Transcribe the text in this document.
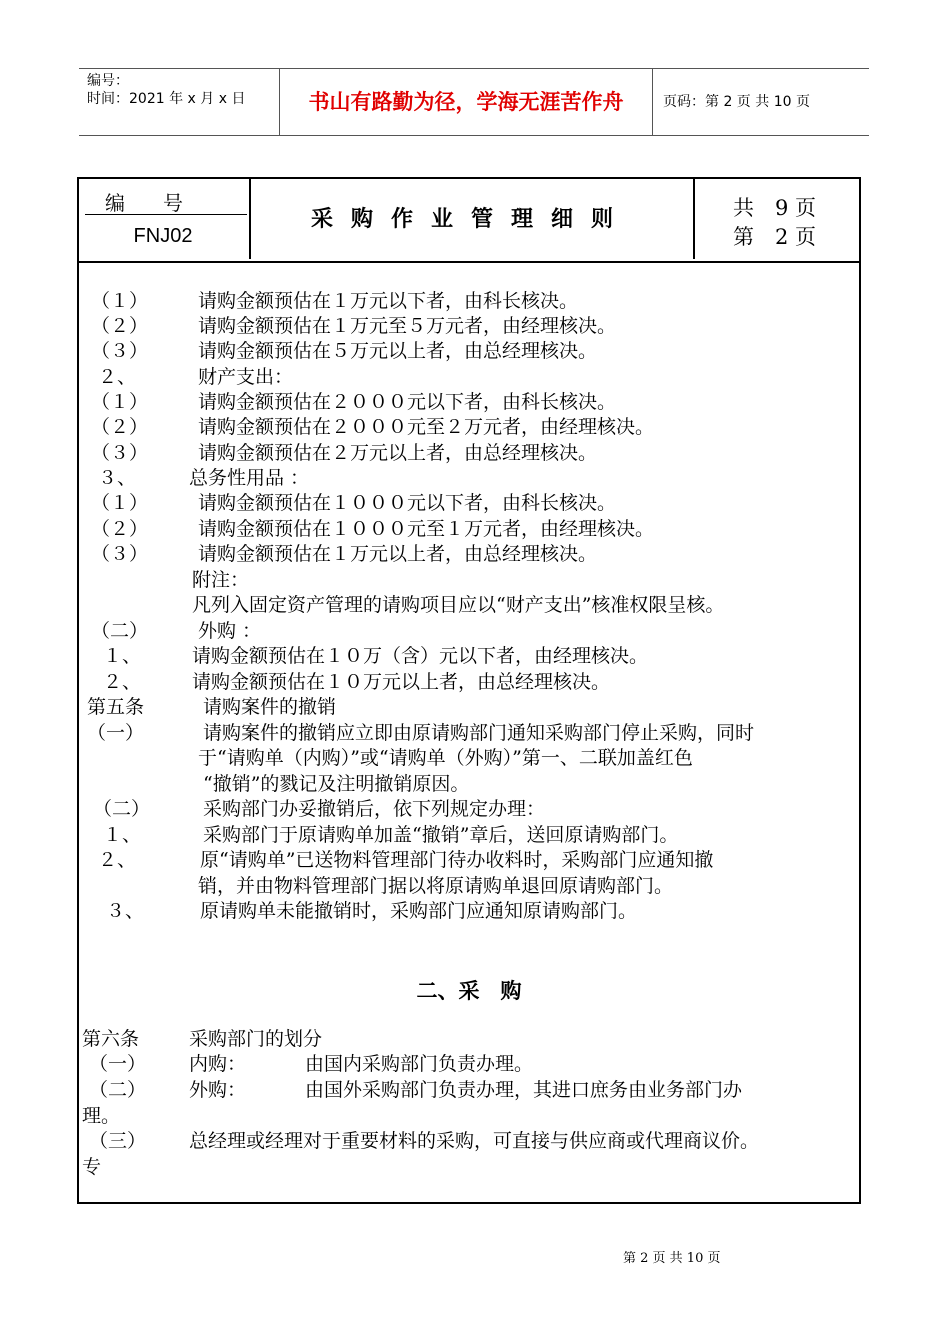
编号：
时间：2021 年 x 月 x 日	书山有路勤为径，学海无涯苦作舟	页码：第 2 页 共 10 页
编号
FNJ02
采购作业管理细则	共　9 页
第　2 页
（１）	请购金额预估在１万元以下者，由科长核决。
（２）	请购金额预估在１万元至５万元者，由经理核决。
（３）	请购金额预估在５万元以上者，由总经理核决。
２、	财产支出：
（１）	请购金额预估在２０００元以下者，由科长核决。
（２）	请购金额预估在２０００元至２万元者，由经理核决。
（３）	请购金额预估在２万元以上者，由总经理核决。
３、	总务性用品 ：
（１）	请购金额预估在１０００元以下者，由科长核决。
（２）	请购金额预估在１０００元至１万元者，由经理核决。
（３）	请购金额预估在１万元以上者，由总经理核决。
附注：
凡列入固定资产管理的请购项目应以“财产支出”核准权限呈核。
（二）	外购 ：
１、	请购金额预估在１０万（含）元以下者，由经理核决。
２、	请购金额预估在１０万元以上者，由总经理核决。
第五条	请购案件的撤销
（一）	请购案件的撤销应立即由原请购部门通知采购部门停止采购，同时
于“请购单（内购）”或“请购单（外购）”第一、二联加盖红色
“撤销”的戮记及注明撤销原因。
（二）	采购部门办妥撤销后，依下列规定办理：
１、	采购部门于原请购单加盖“撤销”章后，送回原请购部门。
２、	原“请购单”已送物料管理部门待办收料时，采购部门应通知撤
销，并由物料管理部门据以将原请购单退回原请购部门。
３、	原请购单未能撤销时，采购部门应通知原请购部门。
二、采　购
第六条	采购部门的划分
（一） 内购：	由国内采购部门负责办理。
（二） 外购：	由国外采购部门负责办理，其进口庶务由业务部门办
理。
（三） 总经理或经理对于重要材料的采购，可直接与供应商或代理商议价。
专
第 2 页 共 10 页
